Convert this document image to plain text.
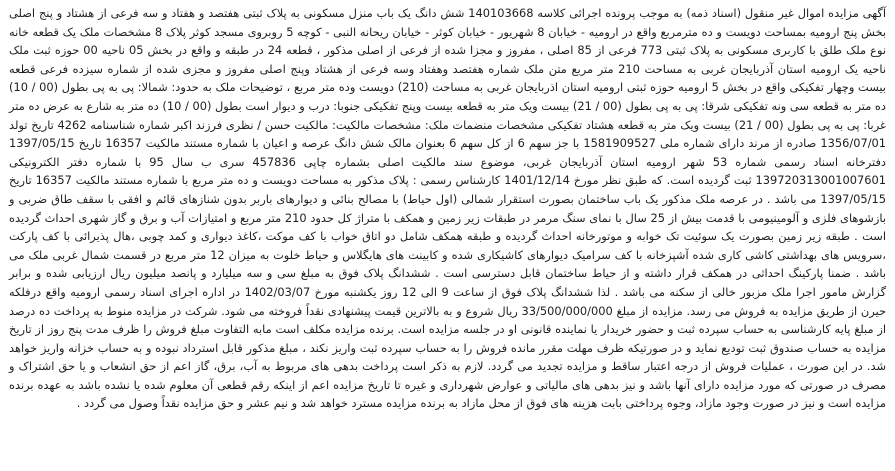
آگهی مزایده اموال غیر منقول (اسناد ذمه) به موجب پرونده اجرائی کلاسه 140103668 شش دانگ یک باب منزل مسکونی به پلاک ثبتی هفتصد و هفتاد و سه فرعی از هشتاد و پنج اصلی بخش پنج ارومیه بمساحت دویست و ده مترمربع واقع در ارومیه - خیابان 8 شهریور - خیابان کوثر - خیابان ریحانه النبی - کوچه 5 روبروی مسجد کوثر پلاک 8 مشخصات ملک یک قطعه خانه نوع ملک طلق با کاربری مسکونی به پلاک ثبتی 773 فرعی از 85 اصلی ، مفروز و مجزا شده از فرعی از اصلی مذکور ، قطعه 24 در طبقه و واقع در بخش 05 ناحیه 00 حوزه ثبت ملک ناحیه یک ارومیه استان آذربایجان غربی به مساحت 210 متر مربع متن ملک شماره هفتصد وهفتاد وسه فرعی از هشتاد وپنج اصلی مفروز و مجزی شده از شماره سیزده فرعی قطعه بیست وچهار تفکیکی واقع در بخش 5 ارومیه حوزه ثبتی ارومیه استان اذربایجان غربی به مساحت (210) دویست وده متر مربع ، توضیحات ملک به حدود: شمالا: پی به پی بطول (00 / 10) ده متر به قطعه سی ونه تفکیکی شرقا: پی به پی بطول (00 / 21) بیست ویک متر به قطعه بیست وپنج تفکیکی جنوبا: درب و دیوار است بطول (00 / 10) ده متر به شارع به عرض ده متر غربا: پی به پی بطول (00 / 21) بیست ویک متر به قطعه هشتاد تفکیکی مشخصات منضمات ملک: مشخصات مالکیت: مالکیت حسن / نظری فرزند اکبر شماره شناسنامه 4262 تاریخ تولد 1356/07/01 صادره از مرند دارای شماره ملی 1581909527 با جز سهم 6 از کل سهم 6 بعنوان مالک شش دانگ عرصه و اعیان با شماره مستند مالکیت 16357 تاریخ 1397/05/15 دفترخانه اسناد رسمی شماره 53 شهر ارومیه استان آذربایجان غربی، موضوع سند مالکیت اصلی بشماره چاپی 457836 سری ب سال 95 با شماره دفتر الکترونیکی 139720313001007601 ثبت گردیده است. که طبق نظر مورخ 1401/12/14 کارشناس رسمی : پلاک مذکور به مساحت دویست و ده متر مربع با شماره مستند مالکیت 16357 تاریخ 1397/05/15 می باشد . در عرصه ملک مذکور یک باب ساختمان بصورت استقرار شمالی (اول حیاط) با مصالح بنائی و دیوارهای باربر بدون شنازهای قائم و افقی با سقف طاق ضربی و بازشوهای فلزی و آلومینیومی با قدمت بیش از 25 سال با نمای سنگ مرمر در طبقات زیر زمین و همکف با متراژ کل حدود 210 متر مربع و امتیازات آب و برق و گاز شهری احداث گردیده است . طبقه زیر زمین بصورت یک سوئیت تک خوابه و موتورخانه احداث گردیده و طبقه همکف شامل دو اتاق خواب با کف موکت ،کاغذ دیواری و کمد چوبی ،هال پذیرائی با کف پارکت ،سرویس های بهداشتی کاشی کاری شده آشپزخانه با کف سرامیک دیوارهای کاشیکاری شده و کابینت های هایگلاس و حیاط خلوت به میزان 12 متر مربع در قسمت شمال غربی ملک می باشد . ضمنا پارکینگ احداثی در همکف قرار داشته و از حیاط ساختمان قابل دسترسی است . ششدانگ پلاک فوق به مبلغ سی و سه میلیارد و پانصد میلیون ریال ارزیابی شده و برابر گزارش مامور اجرا ملک مزبور خالی از سکنه می باشد . لذا ششدانگ پلاک فوق از ساعت 9 الی 12 روز یکشنبه مورخ 1402/03/07 در اداره اجرای اسناد رسمی ارومیه واقع درفلکه حیرن از طریق مزایده به فروش می رسد. مزایده از مبلغ 33/500/000/000 ریال شروع و به بالاترین قیمت پیشنهادی نقداً فروخته می شود. شرکت در مزایده منوط به پرداخت ده درصد از مبلغ پایه کارشناسی به حساب سپرده ثبت و حضور خریدار یا نماینده قانونی او در جلسه مزایده است. برنده مزایده مکلف است مابه التفاوت مبلغ فروش را ظرف مدت پنج روز از تاریخ مزایده به حساب صندوق ثبت تودیع نماید و در صورتیکه ظرف مهلت مقرر مانده فروش را به حساب سپرده ثبت واریز نکند ، مبلغ مذکور قابل استرداد نبوده و به حساب خزانه واریز خواهد شد. در این صورت ، عملیات فروش از درجه اعتبار ساقط و مزایده تجدید می گردد. لازم به ذکر است پرداخت بدهی های مربوط به آب، برق، گاز اعم از حق انشعاب و یا حق اشتراک و مصرف در صورتی که مورد مزایده دارای آنها باشد و نیز بدهی های مالیاتی و عوارض شهرداری و غیره تا تاریخ مزایده اعم از اینکه رقم قطعی آن معلوم شده یا نشده باشد به عهده برنده مزایده است و نیز در صورت وجود مازاد، وجوه پرداختی بابت هزینه های فوق از محل مازاد به برنده مزایده مسترد خواهد شد و نیم عشر و حق مزایده نقداً وصول می گردد .
